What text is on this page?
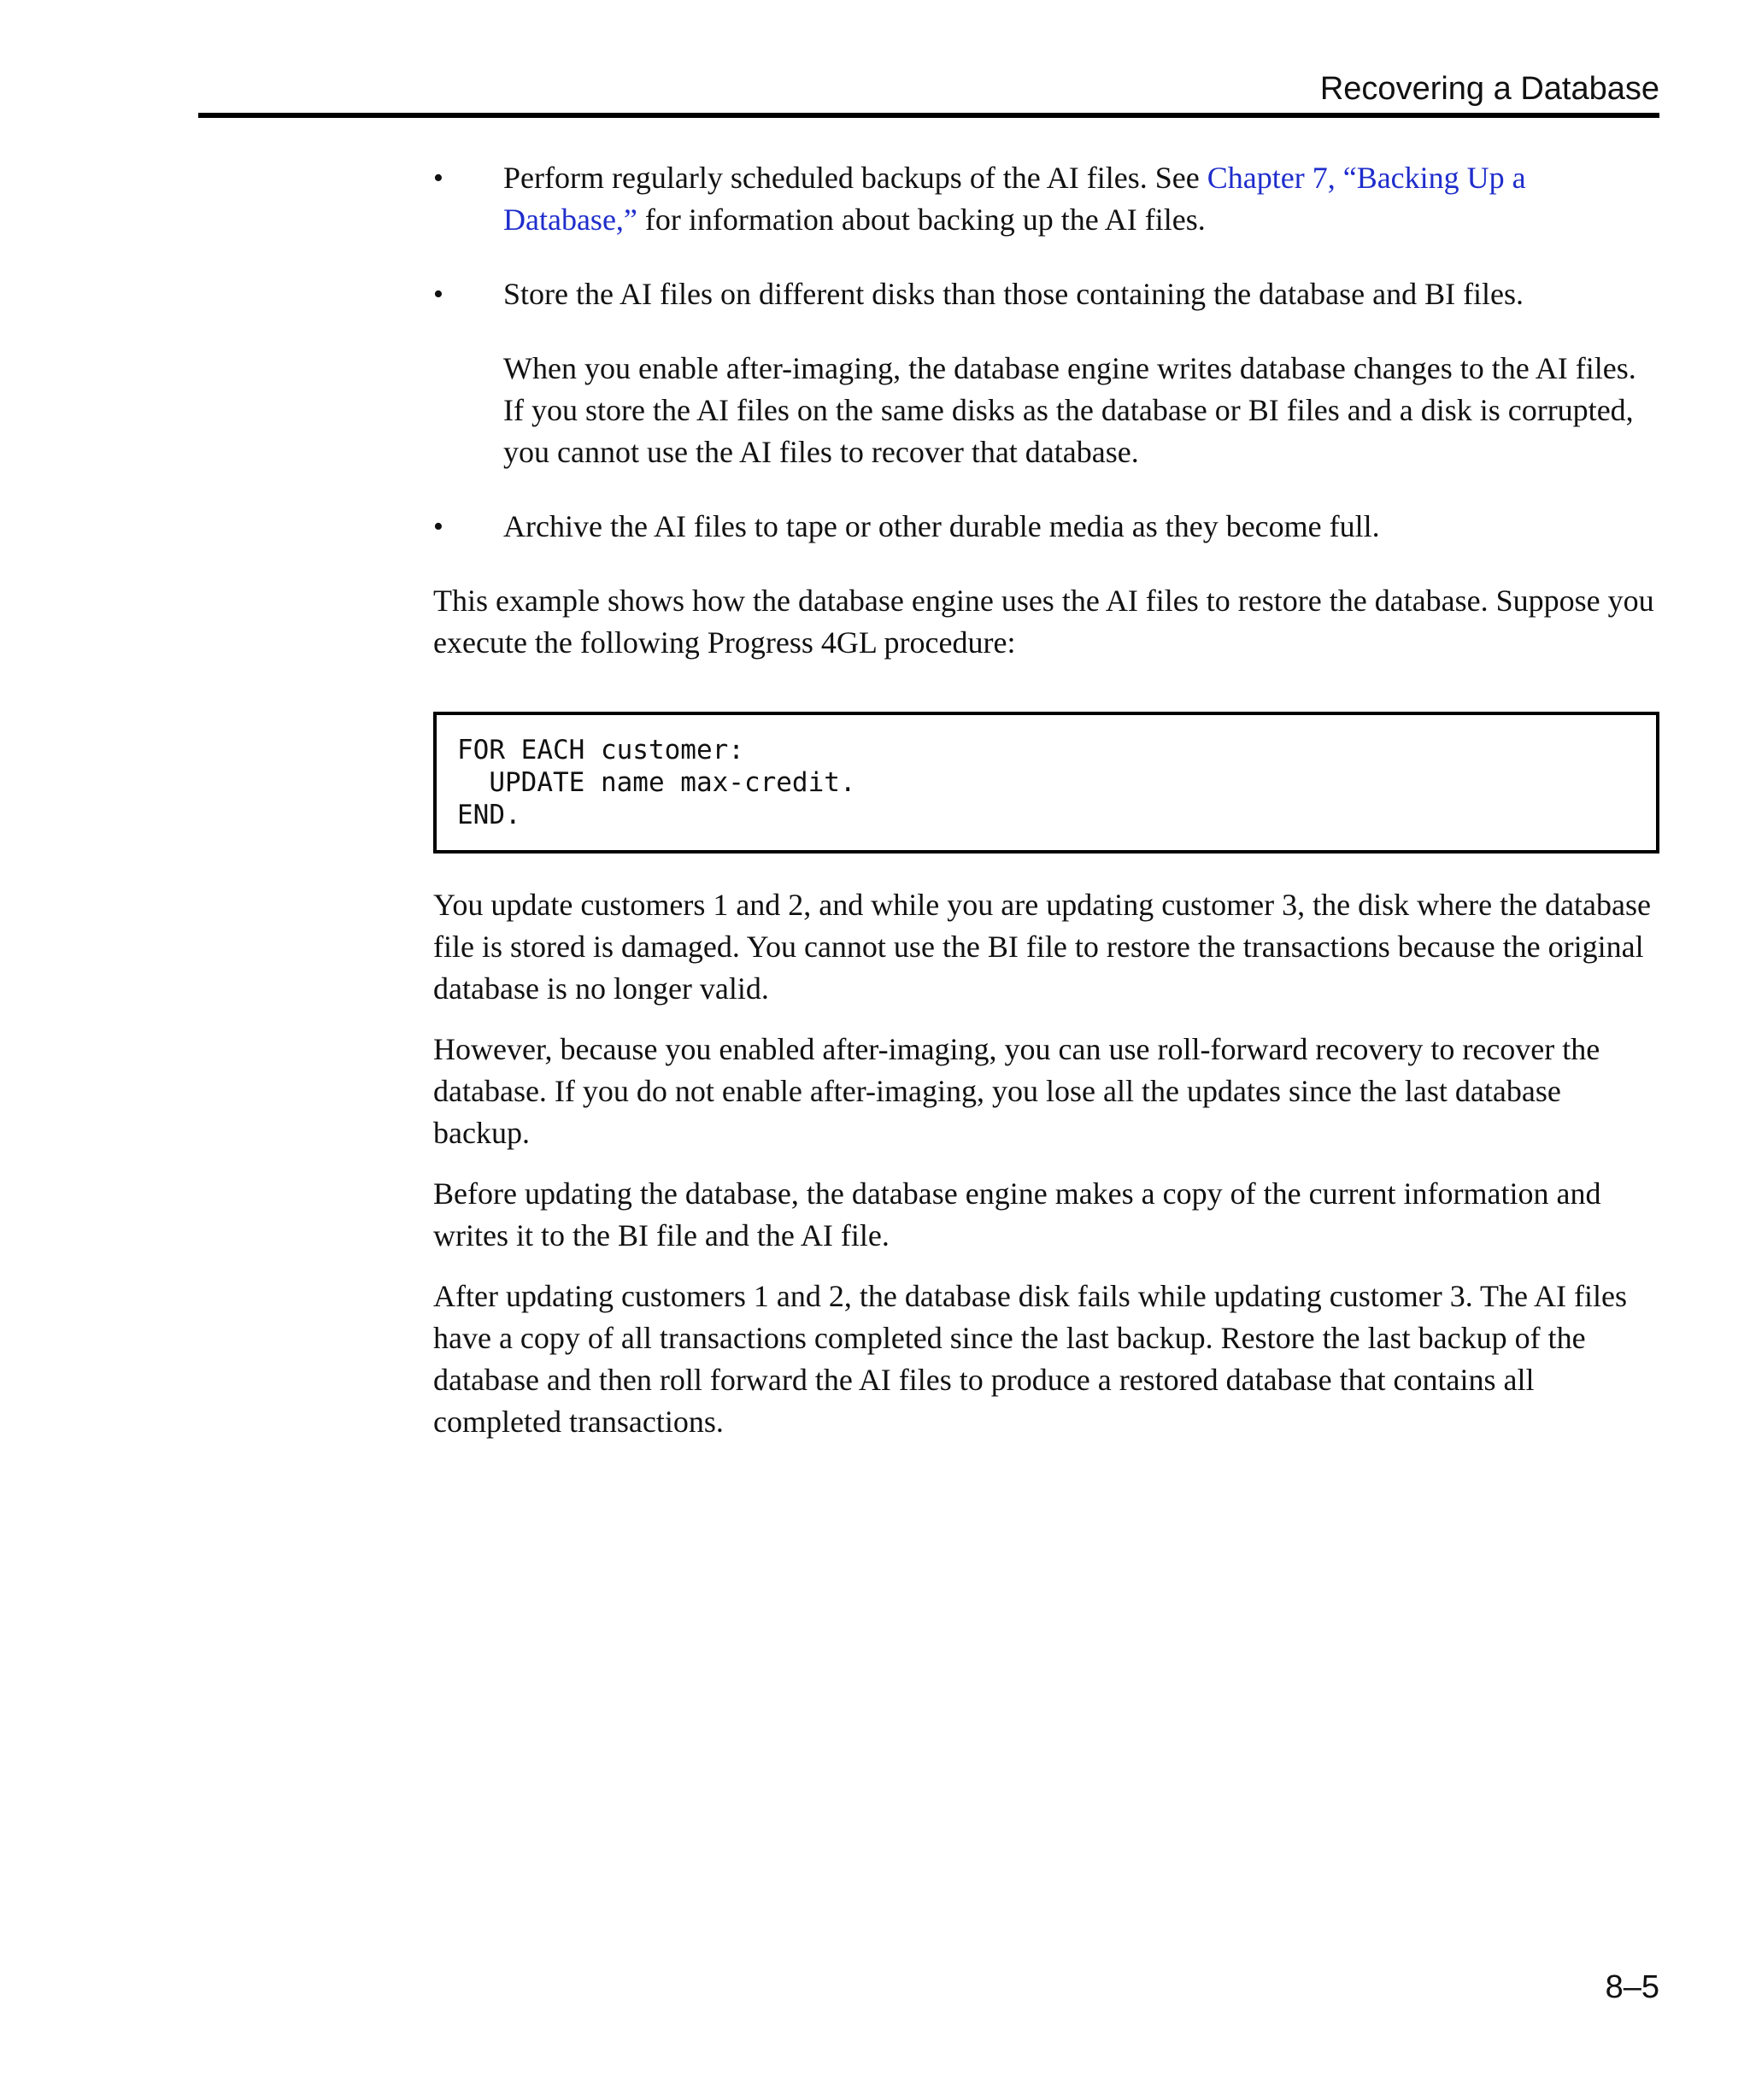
Recovering a Database
•	Perform regularly scheduled backups of the AI files. See Chapter 7, “Backing Up a Database,” for information about backing up the AI files.

•	Store the AI files on different disks than those containing the database and BI files.

When you enable after-imaging, the database engine writes database changes to the AI files. If you store the AI files on the same disks as the database or BI files and a disk is corrupted, you cannot use the AI files to recover that database.

•	Archive the AI files to tape or other durable media as they become full.

This example shows how the database engine uses the AI files to restore the database. Suppose you execute the following Progress 4GL procedure:

FOR EACH customer:
UPDATE name max-credit.
END.

You update customers 1 and 2, and while you are updating customer 3, the disk where the database file is stored is damaged. You cannot use the BI file to restore the transactions because the original database is no longer valid.

However, because you enabled after-imaging, you can use roll-forward recovery to recover the database. If you do not enable after-imaging, you lose all the updates since the last database backup.

Before updating the database, the database engine makes a copy of the current information and writes it to the BI file and the AI file.

After updating customers 1 and 2, the database disk fails while updating customer 3. The AI files have a copy of all transactions completed since the last backup. Restore the last backup of the database and then roll forward the AI files to produce a restored database that contains all completed transactions.

8–5
